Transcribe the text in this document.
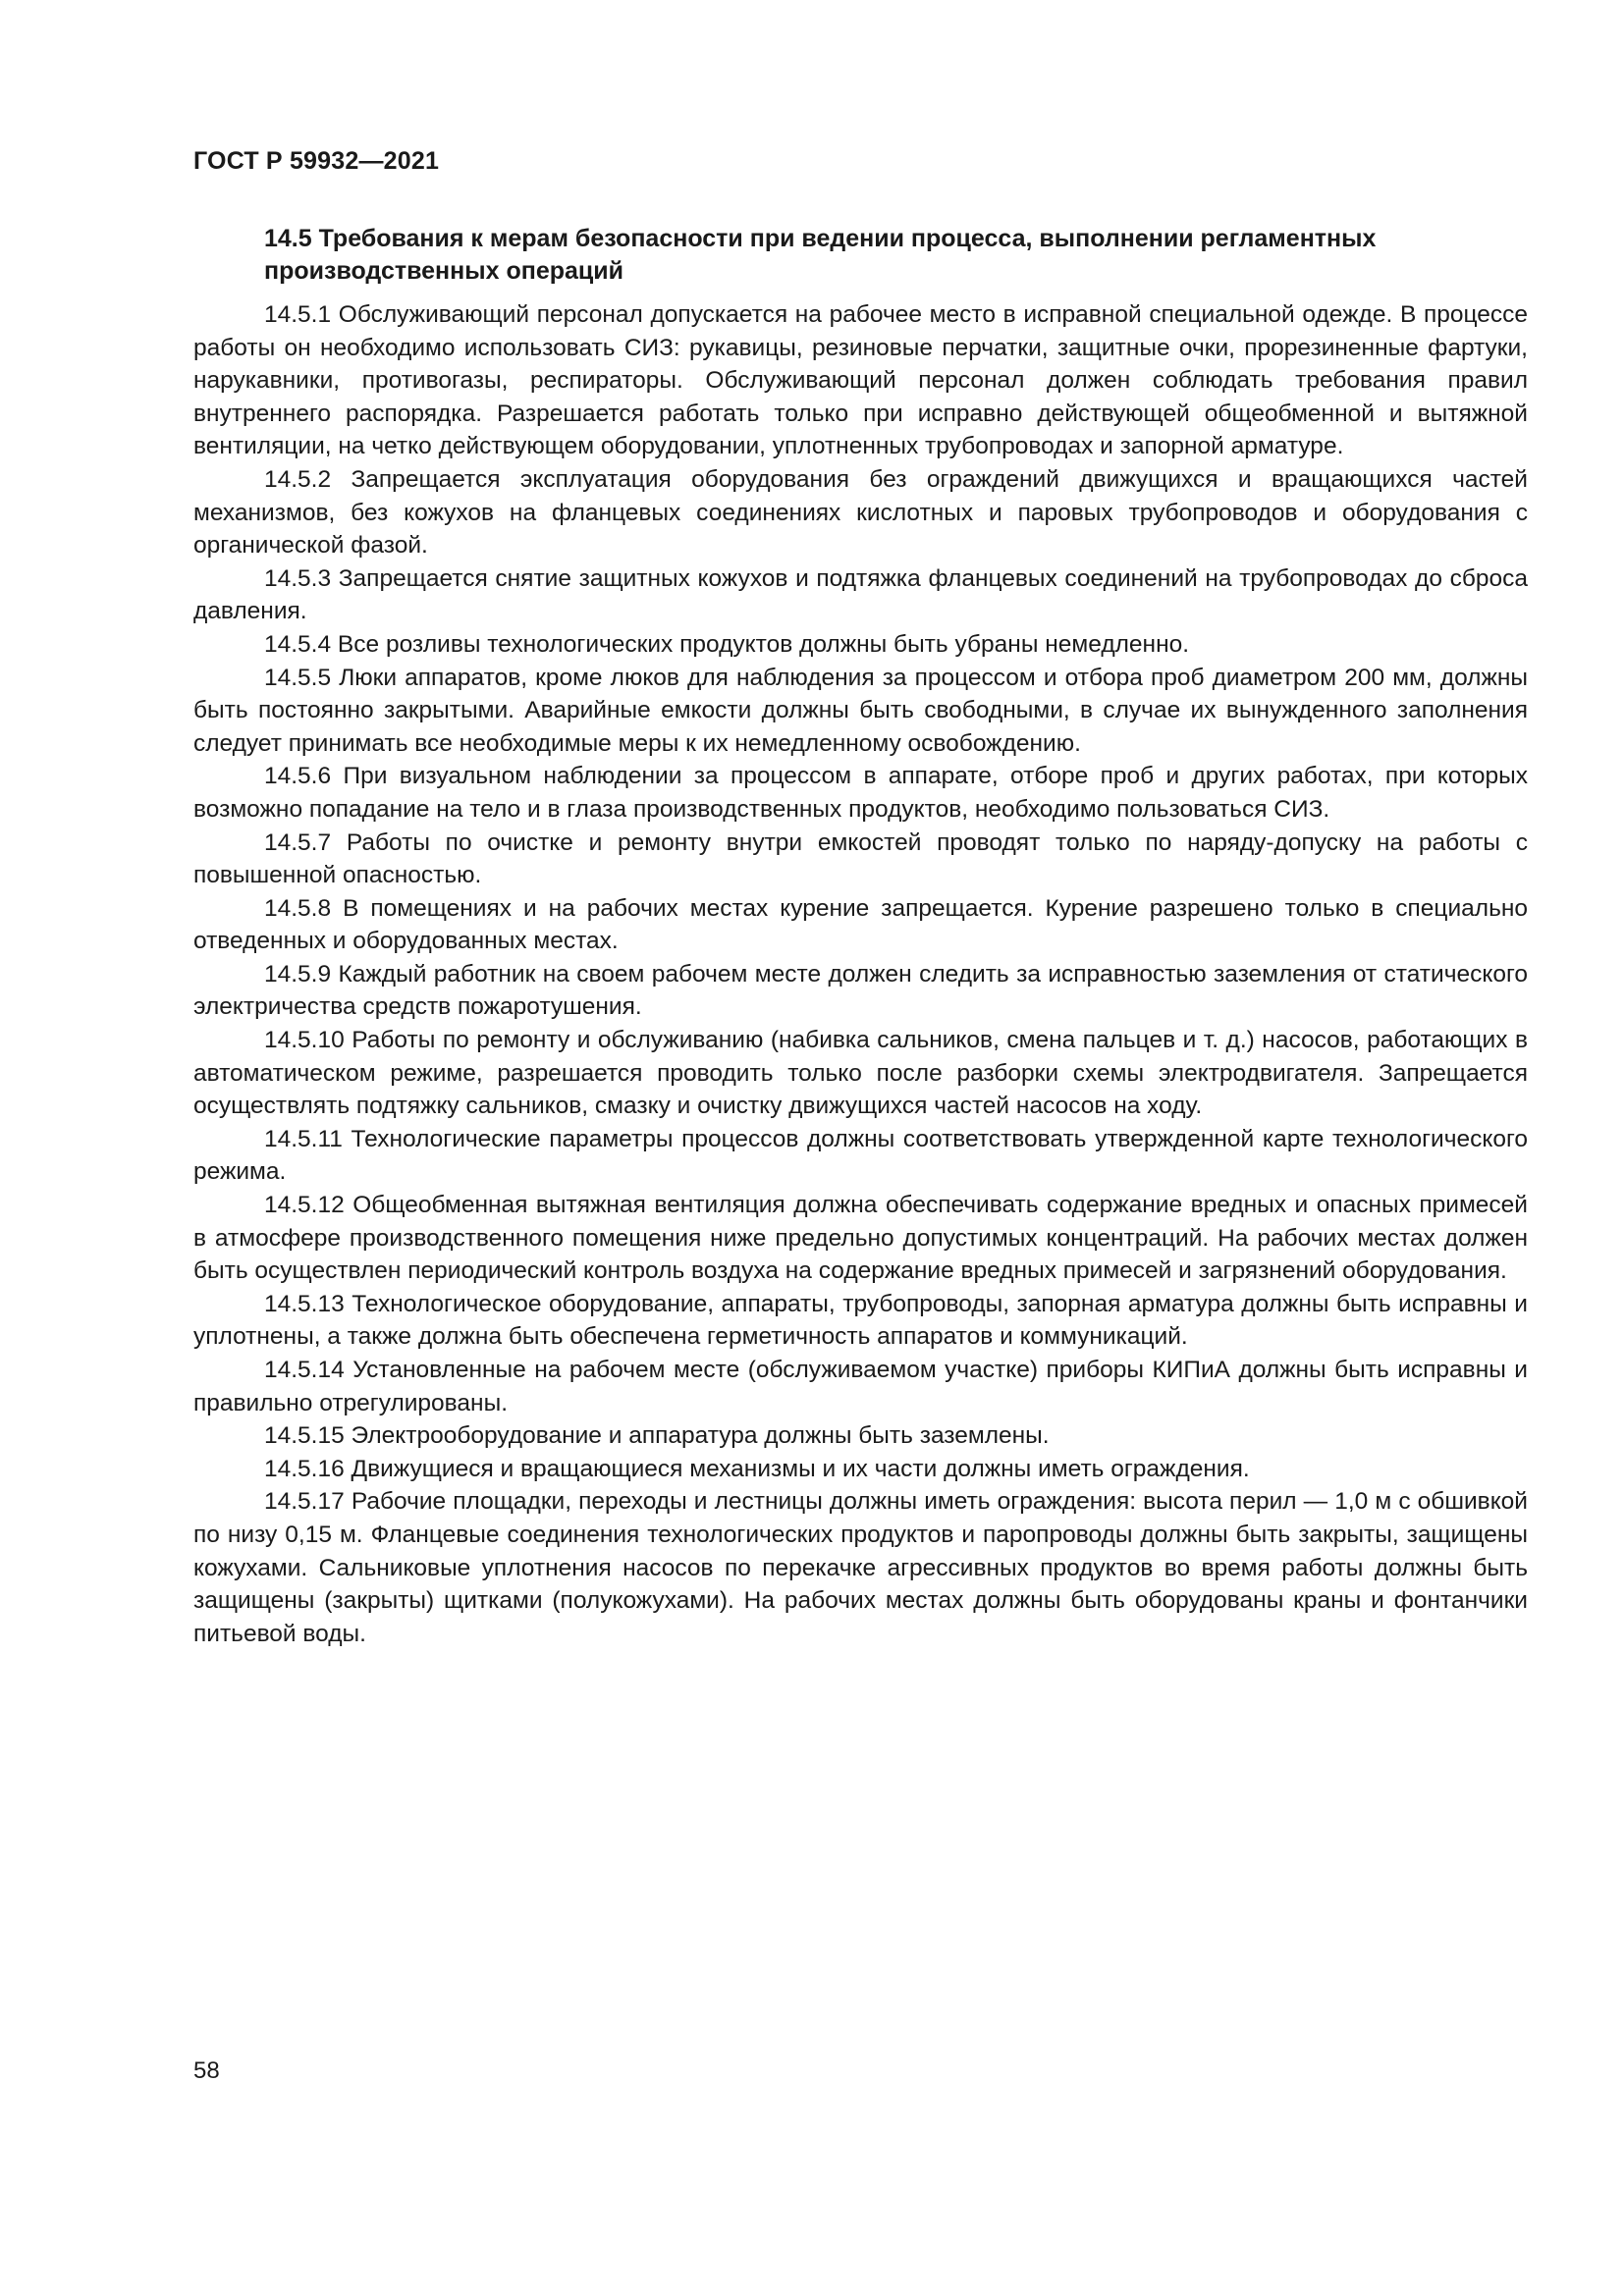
ГОСТ Р 59932—2021
14.5 Требования к мерам безопасности при ведении процесса, выполнении регламентных производственных операций

14.5.1 Обслуживающий персонал допускается на рабочее место в исправной специальной одежде. В процессе работы он необходимо использовать СИЗ: рукавицы, резиновые перчатки, защитные очки, прорезиненные фартуки, нарукавники, противогазы, респираторы. Обслуживающий персонал должен соблюдать требования правил внутреннего распорядка. Разрешается работать только при исправно действующей общеобменной и вытяжной вентиляции, на четко действующем оборудовании, уплотненных трубопроводах и запорной арматуре.

14.5.2 Запрещается эксплуатация оборудования без ограждений движущихся и вращающихся частей механизмов, без кожухов на фланцевых соединениях кислотных и паровых трубопроводов и оборудования с органической фазой.

14.5.3 Запрещается снятие защитных кожухов и подтяжка фланцевых соединений на трубопроводах до сброса давления.

14.5.4 Все розливы технологических продуктов должны быть убраны немедленно.

14.5.5 Люки аппаратов, кроме люков для наблюдения за процессом и отбора проб диаметром 200 мм, должны быть постоянно закрытыми. Аварийные емкости должны быть свободными, в случае их вынужденного заполнения следует принимать все необходимые меры к их немедленному освобождению.

14.5.6 При визуальном наблюдении за процессом в аппарате, отборе проб и других работах, при которых возможно попадание на тело и в глаза производственных продуктов, необходимо пользоваться СИЗ.

14.5.7 Работы по очистке и ремонту внутри емкостей проводят только по наряду-допуску на работы с повышенной опасностью.

14.5.8 В помещениях и на рабочих местах курение запрещается. Курение разрешено только в специально отведенных и оборудованных местах.

14.5.9 Каждый работник на своем рабочем месте должен следить за исправностью заземления от статического электричества средств пожаротушения.

14.5.10 Работы по ремонту и обслуживанию (набивка сальников, смена пальцев и т. д.) насосов, работающих в автоматическом режиме, разрешается проводить только после разборки схемы электродвигателя. Запрещается осуществлять подтяжку сальников, смазку и очистку движущихся частей насосов на ходу.

14.5.11 Технологические параметры процессов должны соответствовать утвержденной карте технологического режима.

14.5.12 Общеобменная вытяжная вентиляция должна обеспечивать содержание вредных и опасных примесей в атмосфере производственного помещения ниже предельно допустимых концентраций. На рабочих местах должен быть осуществлен периодический контроль воздуха на содержание вредных примесей и загрязнений оборудования.

14.5.13 Технологическое оборудование, аппараты, трубопроводы, запорная арматура должны быть исправны и уплотнены, а также должна быть обеспечена герметичность аппаратов и коммуникаций.

14.5.14 Установленные на рабочем месте (обслуживаемом участке) приборы КИПиА должны быть исправны и правильно отрегулированы.

14.5.15 Электрооборудование и аппаратура должны быть заземлены.

14.5.16 Движущиеся и вращающиеся механизмы и их части должны иметь ограждения.

14.5.17 Рабочие площадки, переходы и лестницы должны иметь ограждения: высота перил — 1,0 м с обшивкой по низу 0,15 м. Фланцевые соединения технологических продуктов и паропроводы должны быть закрыты, защищены кожухами. Сальниковые уплотнения насосов по перекачке агрессивных продуктов во время работы должны быть защищены (закрыты) щитками (полукожухами). На рабочих местах должны быть оборудованы краны и фонтанчики питьевой воды.

58
